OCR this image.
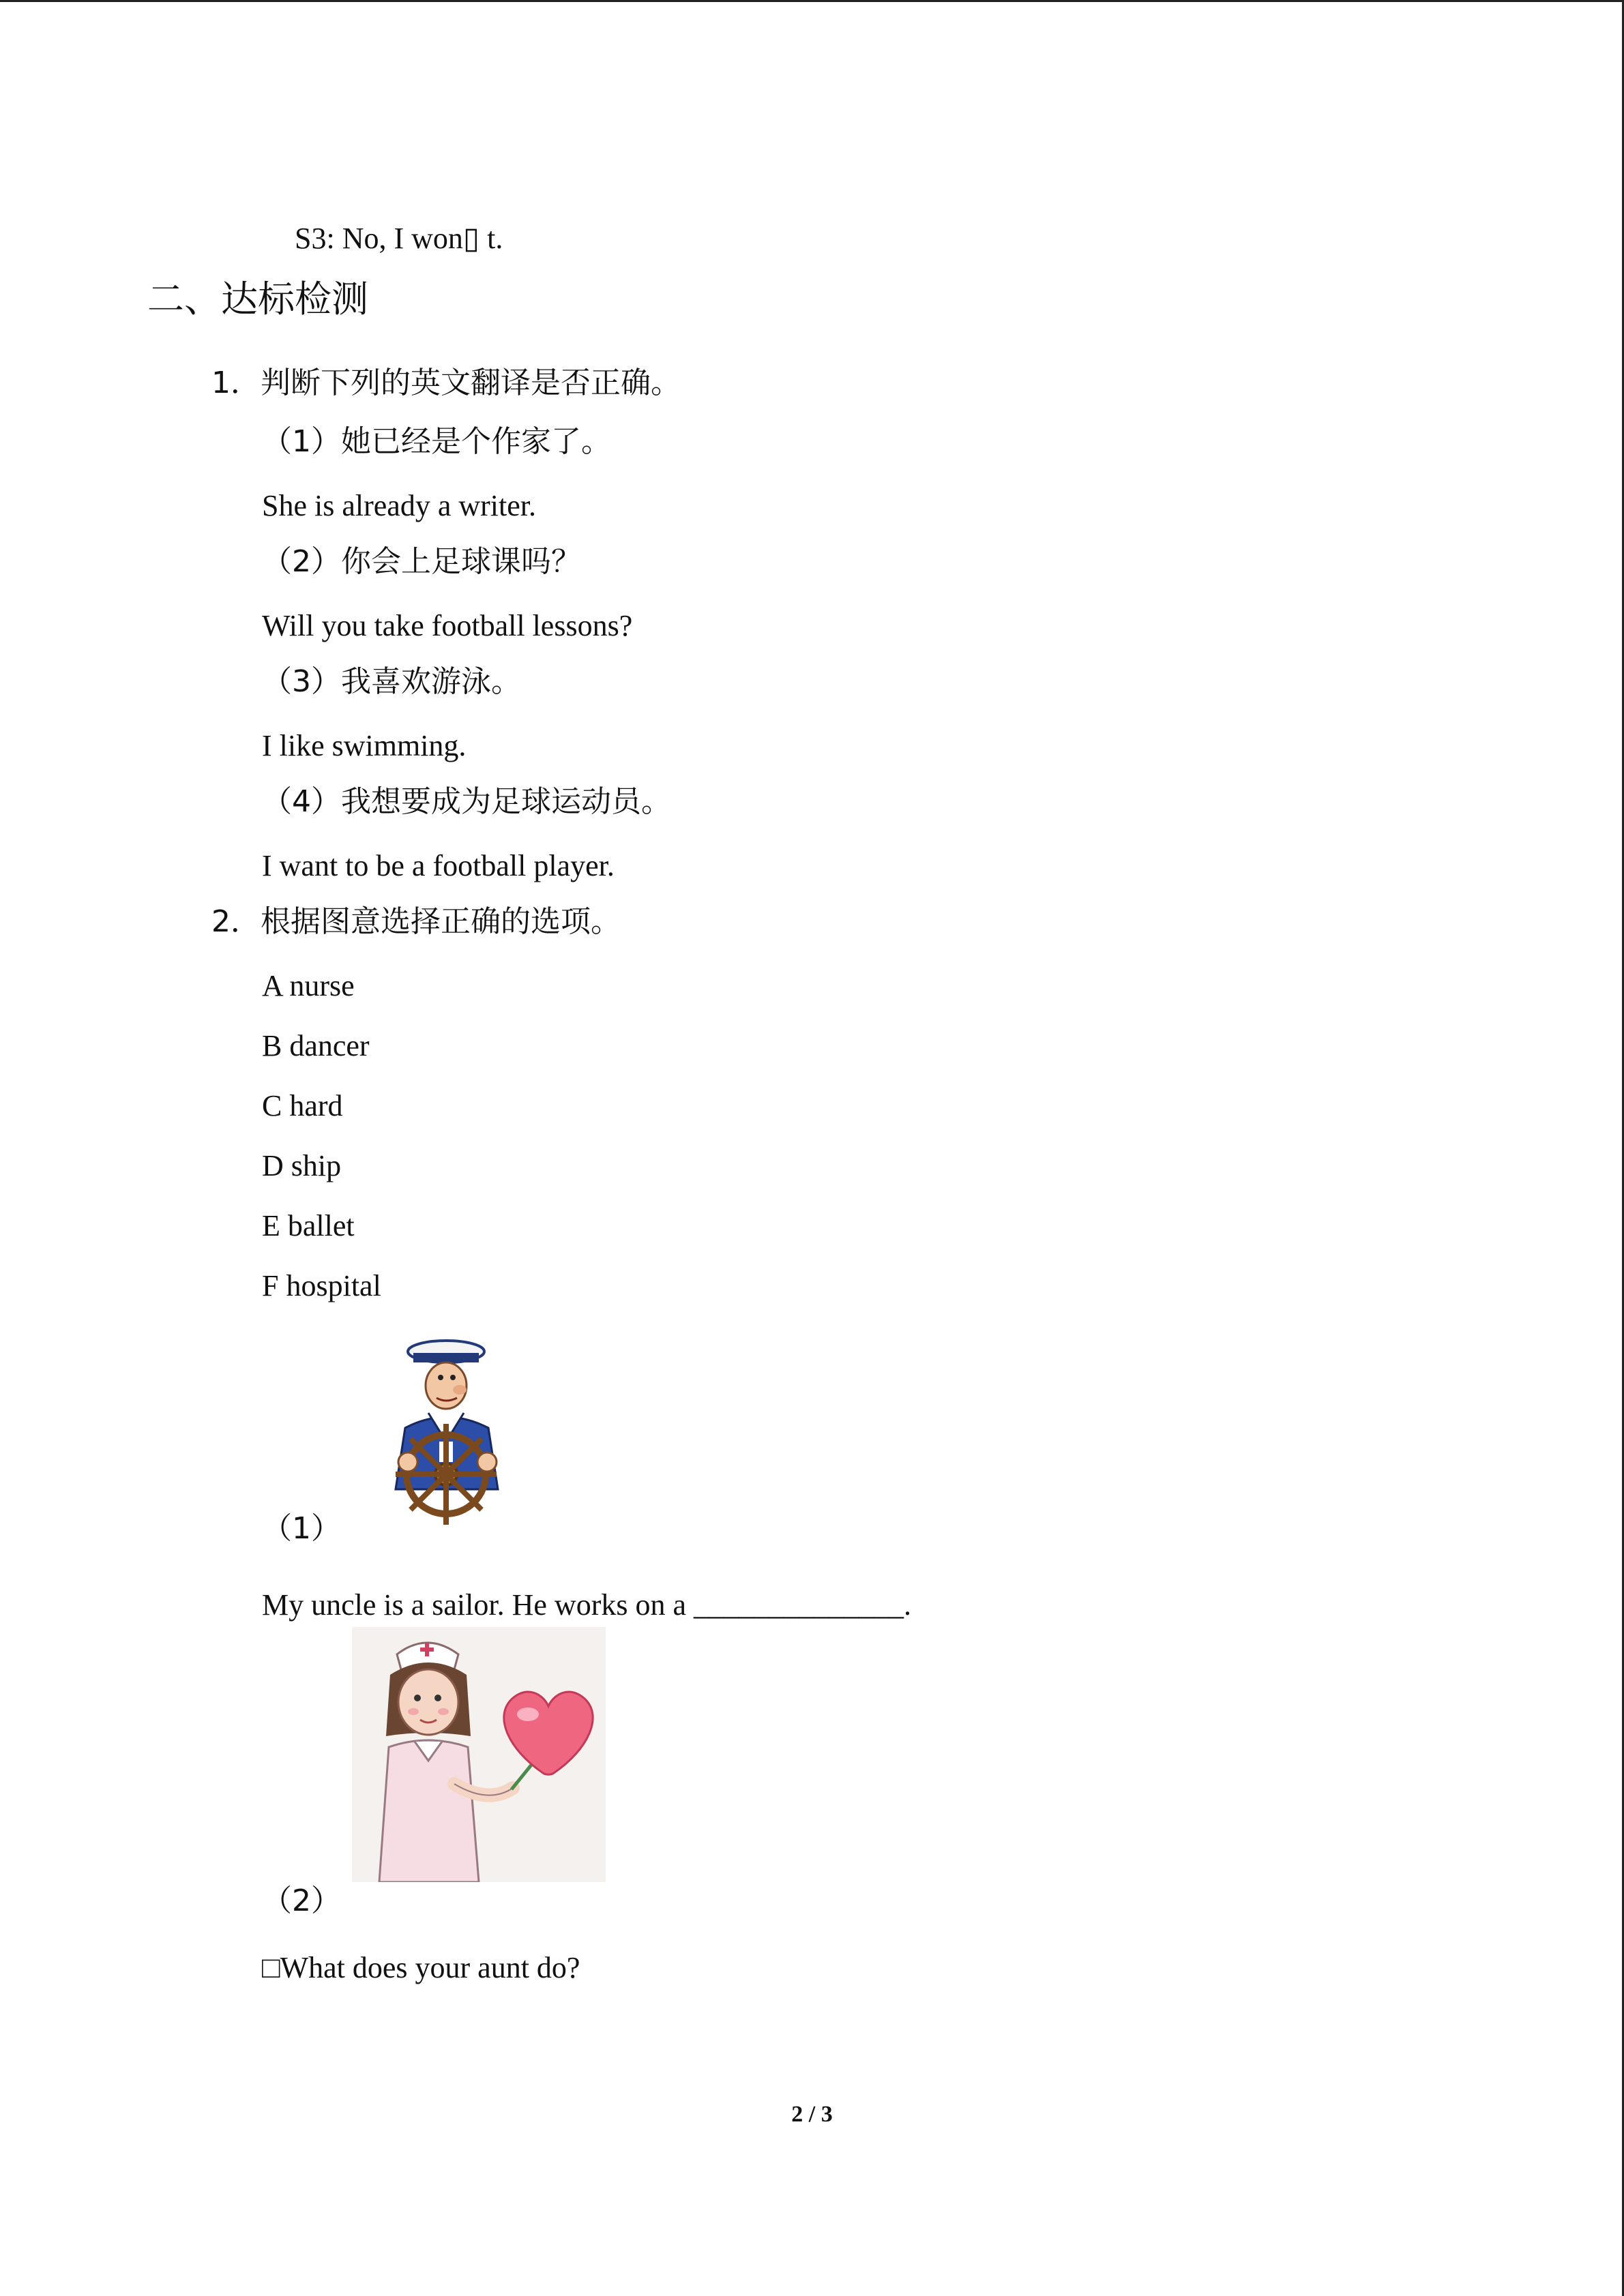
S3: No, I won▯ t.
二、达标检测
1．判断下列的英文翻译是否正确。
（1）她已经是个作家了。
She is already a writer.
（2）你会上足球课吗？
Will you take football lessons?
（3）我喜欢游泳。
I like swimming.
（4）我想要成为足球运动员。
I want to be a football player.
2．根据图意选择正确的选项。
A nurse
B dancer
C hard
D ship
E ballet
F hospital
（1）
My uncle is a sailor. He works on a ______________.
（2）
□What does your aunt do?
2 / 3
